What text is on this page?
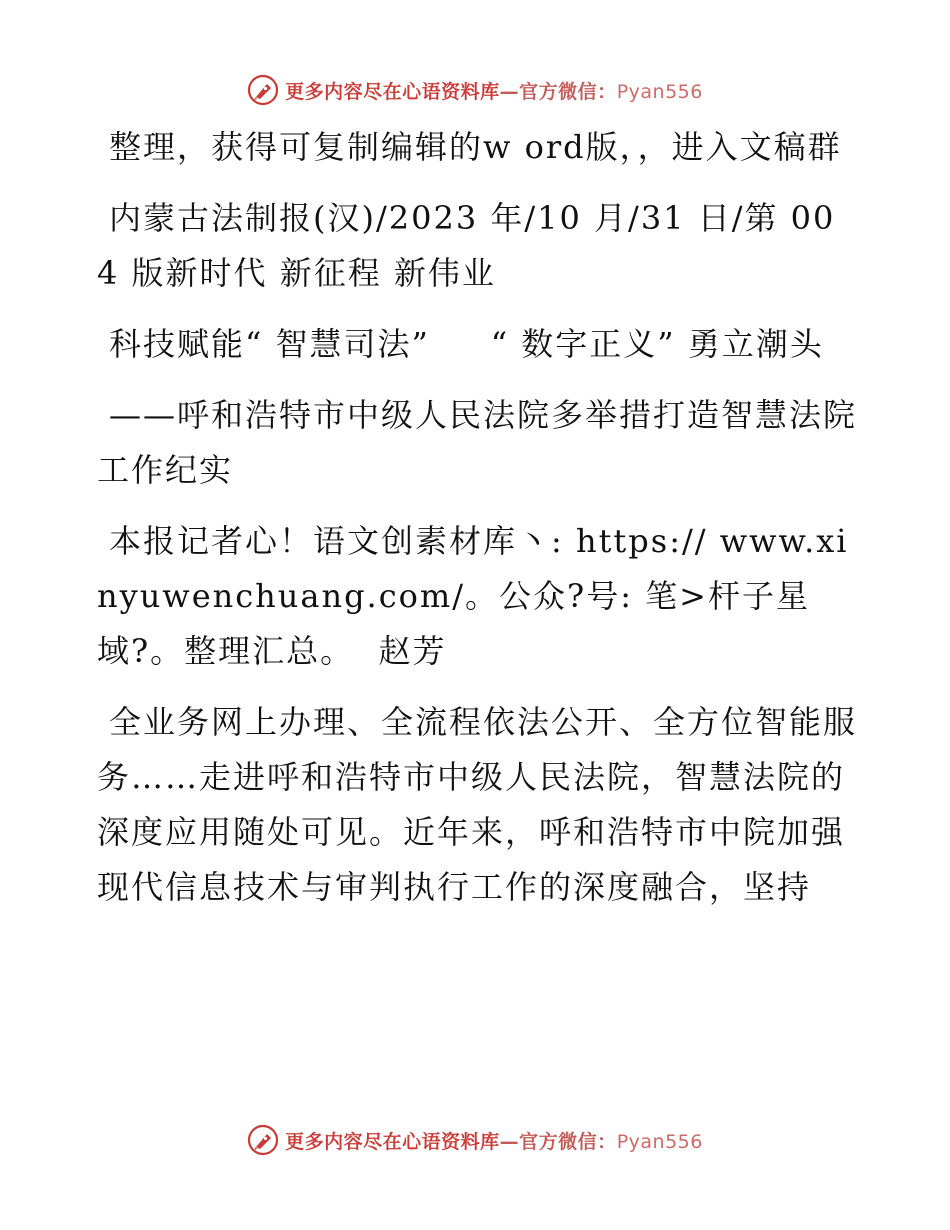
更多内容尽在心语资料库—官方微信：Pyan556

整理，获得可复制编辑的w ord版，，进入文稿群

内蒙古法制报(汉)/2023 年/10 月/31 日/第 004 版新时代 新征程 新伟业

科技赋能“ 智慧司法”     “ 数字正义” 勇立潮头

——呼和浩特市中级人民法院多举措打造智慧法院工作纪实

本报记者心！语文创素材库丶: https:// www.xinyuwenchuang.com/。公众?号: 笔>杆子星域?。整理汇总。  赵芳

全业务网上办理、全流程依法公开、全方位智能服务……走进呼和浩特市中级人民法院，智慧法院的深度应用随处可见。近年来，呼和浩特市中院加强现代信息技术与审判执行工作的深度融合，坚持

更多内容尽在心语资料库—官方微信：Pyan556
